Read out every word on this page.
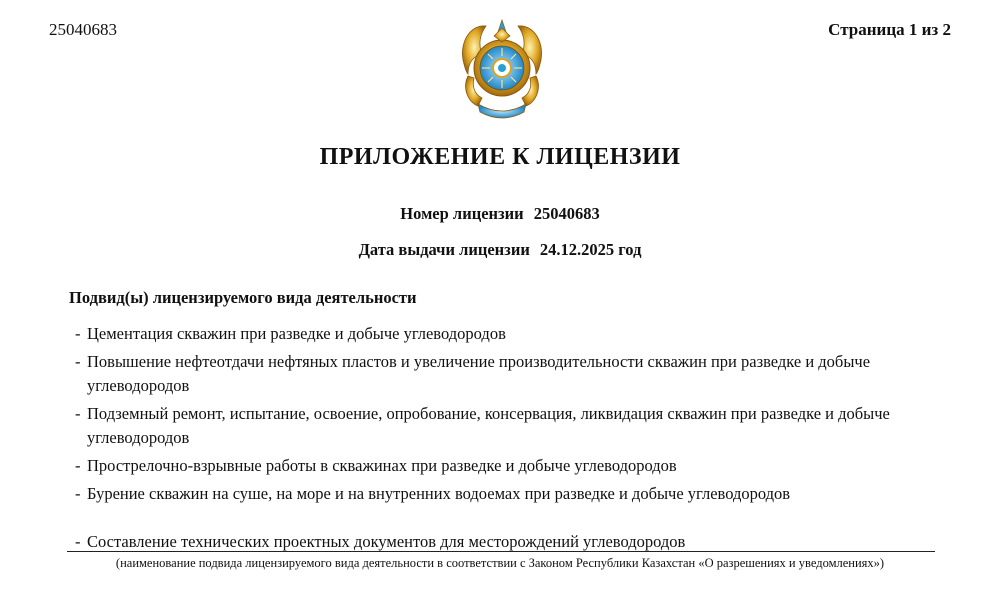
25040683	Страница 1 из 2
ПРИЛОЖЕНИЕ К ЛИЦЕНЗИИ
Номер лицензии 25040683
Дата выдачи лицензии 24.12.2025 год
Подвид(ы) лицензируемого вида деятельности
- Цементация скважин при разведке и добыче углеводородов
- Повышение нефтеотдачи нефтяных пластов и увеличение производительности скважин при разведке и добыче углеводородов
- Подземный ремонт, испытание, освоение, опробование, консервация, ликвидация скважин при разведке и добыче углеводородов
- Прострелочно-взрывные работы в скважинах при разведке и добыче углеводородов
- Бурение скважин на суше, на море и на внутренних водоемах при разведке и добыче углеводородов
- Составление технических проектных документов для месторождений углеводородов
(наименование подвида лицензируемого вида деятельности в соответствии с Законом Республики Казахстан «О разрешениях и уведомлениях»)
